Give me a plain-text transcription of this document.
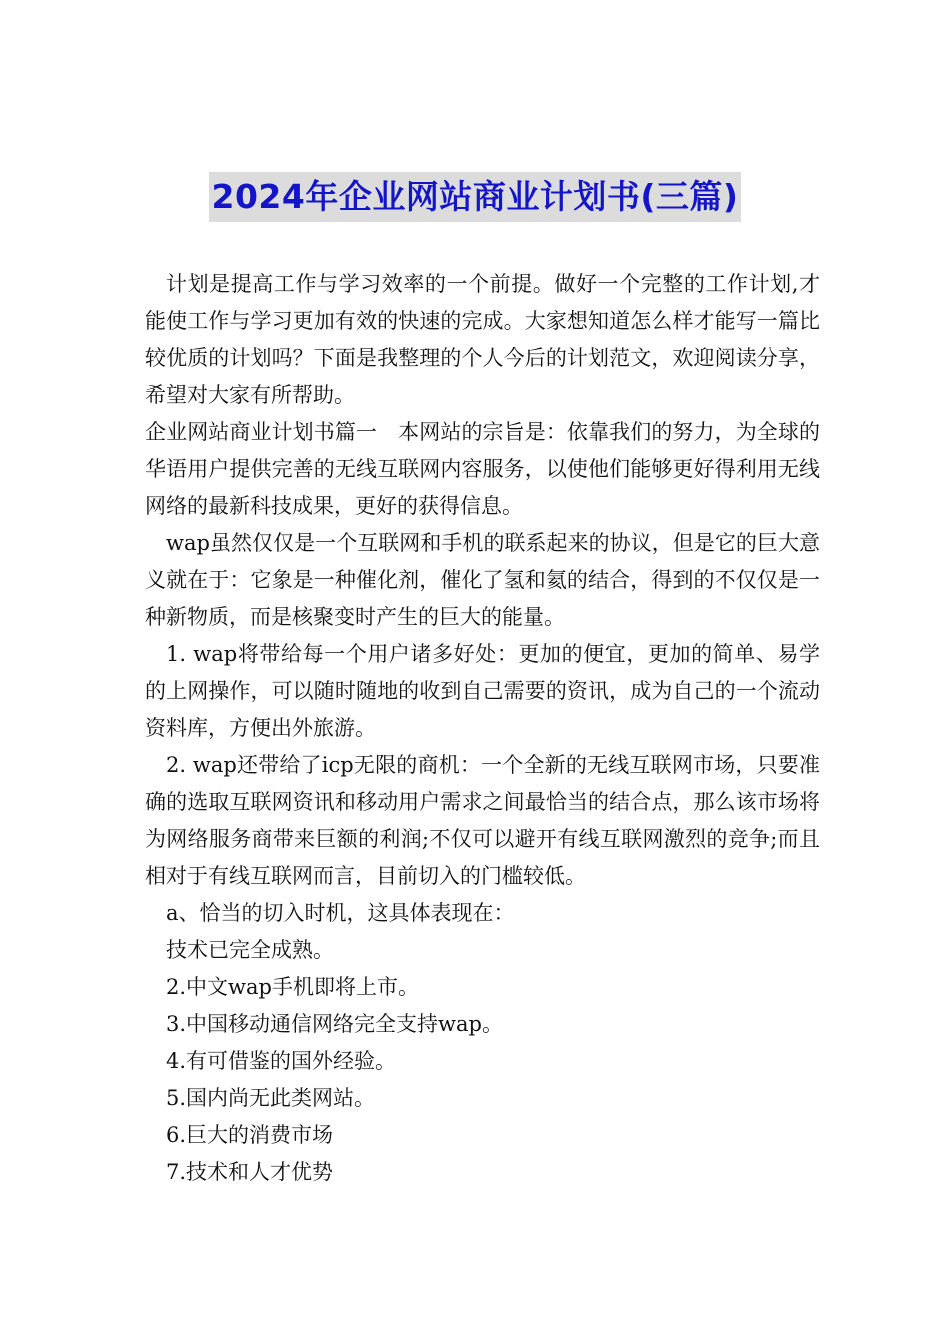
2024年企业网站商业计划书(三篇)

计划是提高工作与学习效率的一个前提。做好一个完整的工作计划,才能使工作与学习更加有效的快速的完成。大家想知道怎么样才能写一篇比较优质的计划吗？下面是我整理的个人今后的计划范文，欢迎阅读分享，希望对大家有所帮助。

企业网站商业计划书篇一　本网站的宗旨是：依靠我们的努力，为全球的华语用户提供完善的无线互联网内容服务，以使他们能够更好得利用无线网络的最新科技成果，更好的获得信息。

wap虽然仅仅是一个互联网和手机的联系起来的协议，但是它的巨大意义就在于：它象是一种催化剂，催化了氢和氦的结合，得到的不仅仅是一种新物质，而是核聚变时产生的巨大的能量。

1. wap将带给每一个用户诸多好处：更加的便宜，更加的简单、易学的上网操作，可以随时随地的收到自己需要的资讯，成为自己的一个流动资料库，方便出外旅游。

2. wap还带给了icp无限的商机：一个全新的无线互联网市场，只要准确的选取互联网资讯和移动用户需求之间最恰当的结合点，那么该市场将为网络服务商带来巨额的利润;不仅可以避开有线互联网激烈的竞争;而且相对于有线互联网而言，目前切入的门槛较低。

a、恰当的切入时机，这具体表现在：

技术已完全成熟。

2.中文wap手机即将上市。

3.中国移动通信网络完全支持wap。

4.有可借鉴的国外经验。

5.国内尚无此类网站。

6.巨大的消费市场

7.技术和人才优势
